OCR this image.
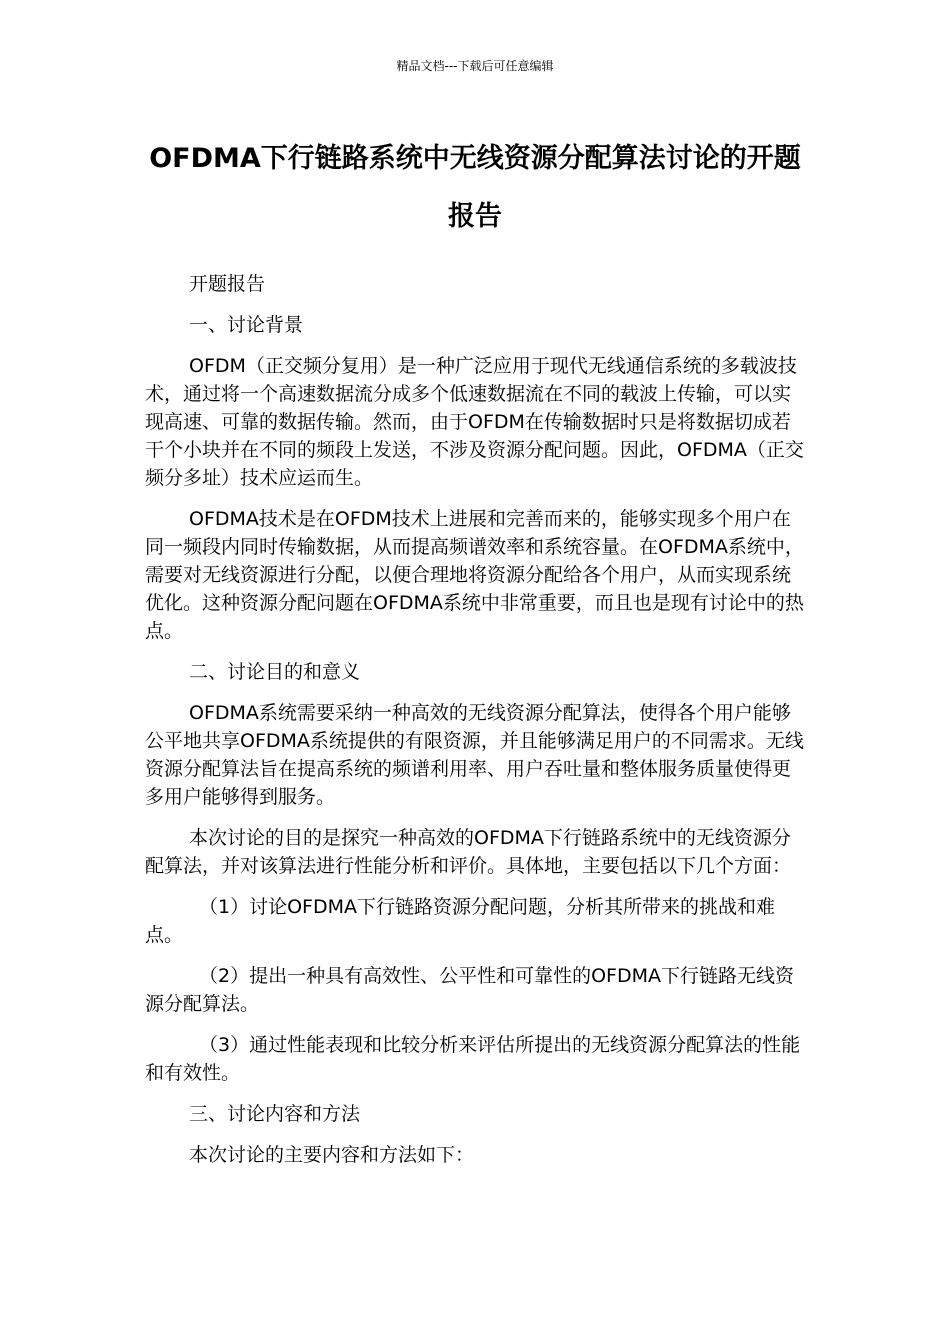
精品文档---下载后可任意编辑
OFDMA下行链路系统中无线资源分配算法讨论的开题报告

开题报告

一、讨论背景

OFDM（正交频分复用）是一种广泛应用于现代无线通信系统的多载波技术，通过将一个高速数据流分成多个低速数据流在不同的载波上传输，可以实现高速、可靠的数据传输。然而，由于OFDM在传输数据时只是将数据切成若干个小块并在不同的频段上发送，不涉及资源分配问题。因此，OFDMA（正交频分多址）技术应运而生。

OFDMA技术是在OFDM技术上进展和完善而来的，能够实现多个用户在同一频段内同时传输数据，从而提高频谱效率和系统容量。在OFDMA系统中，需要对无线资源进行分配，以便合理地将资源分配给各个用户，从而实现系统优化。这种资源分配问题在OFDMA系统中非常重要，而且也是现有讨论中的热点。

二、讨论目的和意义

OFDMA系统需要采纳一种高效的无线资源分配算法，使得各个用户能够公平地共享OFDMA系统提供的有限资源，并且能够满足用户的不同需求。无线资源分配算法旨在提高系统的频谱利用率、用户吞吐量和整体服务质量使得更多用户能够得到服务。

本次讨论的目的是探究一种高效的OFDMA下行链路系统中的无线资源分配算法，并对该算法进行性能分析和评价。具体地，主要包括以下几个方面：

（1）讨论OFDMA下行链路资源分配问题，分析其所带来的挑战和难点。

（2）提出一种具有高效性、公平性和可靠性的OFDMA下行链路无线资源分配算法。

（3）通过性能表现和比较分析来评估所提出的无线资源分配算法的性能和有效性。

三、讨论内容和方法

本次讨论的主要内容和方法如下：
